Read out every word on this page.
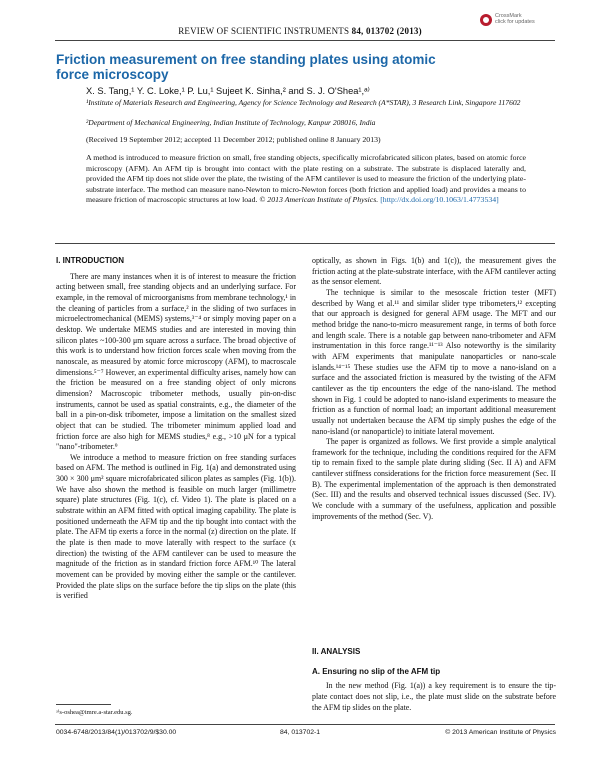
REVIEW OF SCIENTIFIC INSTRUMENTS 84, 013702 (2013)
CrossMark
click for updates
Friction measurement on free standing plates using atomic force microscopy
X. S. Tang,¹ Y. C. Loke,¹ P. Lu,¹ Sujeet K. Sinha,² and S. J. O'Shea¹,ᵃ⁾
¹Institute of Materials Research and Engineering, Agency for Science Technology and Research (A*STAR), 3 Research Link, Singapore 117602
²Department of Mechanical Engineering, Indian Institute of Technology, Kanpur 208016, India
(Received 19 September 2012; accepted 11 December 2012; published online 8 January 2013)
A method is introduced to measure friction on small, free standing objects, specifically microfabricated silicon plates, based on atomic force microscopy (AFM). An AFM tip is brought into contact with the plate resting on a substrate. The substrate is displaced laterally and, provided the AFM tip does not slide over the plate, the twisting of the AFM cantilever is used to measure the friction of the underlying plate-substrate interface. The method can measure nano-Newton to micro-Newton forces (both friction and applied load) and provides a means to measure friction of macroscopic structures at low load. © 2013 American Institute of Physics. [http://dx.doi.org/10.1063/1.4773534]
I. INTRODUCTION

There are many instances when it is of interest to measure the friction acting between small, free standing objects and an underlying surface. For example, in the removal of microorganisms from membrane technology,¹ in the cleaning of particles from a surface,² in the sliding of two surfaces in microelectromechanical (MEMS) systems,³⁻⁴ or simply moving paper on a desktop. We undertake MEMS studies and are interested in moving thin silicon plates ~100-300 μm square across a surface. The broad objective of this work is to understand how friction forces scale when moving from the nanoscale, as measured by atomic force microscopy (AFM), to macroscale dimensions.⁵⁻⁷ However, an experimental difficulty arises, namely how can the friction be measured on a free standing object of only microns dimension? Macroscopic tribometer methods, usually pin-on-disc instruments, cannot be used as spatial constraints, e.g., the diameter of the ball in a pin-on-disk tribometer, impose a limitation on the smallest sized object that can be studied. The tribometer minimum applied load and friction force are also high for MEMS studies,⁸ e.g., >10 μN for a typical "nano"-tribometer.⁹

We introduce a method to measure friction on free standing surfaces based on AFM. The method is outlined in Fig. 1(a) and demonstrated using 300 × 300 μm² square microfabricated silicon plates as samples (Fig. 1(b)). We have also shown the method is feasible on much larger (millimetre square) plate structures (Fig. 1(c), cf. Video 1). The plate is placed on a substrate within an AFM fitted with optical imaging capability. The plate is positioned underneath the AFM tip and the tip bought into contact with the plate. The AFM tip exerts a force in the normal (z) direction on the plate. If the plate is then made to move laterally with respect to the surface (x direction) the twisting of the AFM cantilever can be used to measure the magnitude of the friction as in standard friction force AFM.¹⁰ The lateral movement can be provided by moving either the sample or the cantilever. Provided the plate slips on the surface before the tip slips on the plate (this is verified

optically, as shown in Figs. 1(b) and 1(c)), the measurement gives the friction acting at the plate-substrate interface, with the AFM cantilever acting as the sensor element.

The technique is similar to the mesoscale friction tester (MFT) described by Wang et al.¹¹ and similar slider type tribometers,¹² excepting that our approach is designed for general AFM usage. The MFT and our method bridge the nano-to-micro measurement range, in terms of both force and length scale. There is a notable gap between nano-tribometer and AFM instrumentation in this force range.¹¹⁻¹³ Also noteworthy is the similarity with AFM experiments that manipulate nanoparticles or nano-scale islands.¹⁴⁻¹⁵ These studies use the AFM tip to move a nano-island on a surface and the associated friction is measured by the twisting of the AFM cantilever as the tip encounters the edge of the nano-island. The method shown in Fig. 1 could be adopted to nano-island experiments to measure the friction as a function of normal load; an important additional measurement usually not undertaken because the AFM tip simply pushes the edge of the nano-island (or nanoparticle) to initiate lateral movement.

The paper is organized as follows. We first provide a simple analytical framework for the technique, including the conditions required for the AFM tip to remain fixed to the sample plate during sliding (Sec. II A) and AFM cantilever stiffness considerations for the friction force measurement (Sec. II B). The experimental implementation of the approach is then demonstrated (Sec. III) and the results and observed technical issues discussed (Sec. IV). We conclude with a summary of the usefulness, application and possible improvements of the method (Sec. V).

II. ANALYSIS
A. Ensuring no slip of the AFM tip

In the new method (Fig. 1(a)) a key requirement is to ensure the tip-plate contact does not slip, i.e., the plate must slide on the substrate before the AFM tip slides on the plate.

ᵃ⁾s-oshea@imre.a-star.edu.sg.
0034-6748/2013/84(1)/013702/9/$30.00	84, 013702-1	© 2013 American Institute of Physics
